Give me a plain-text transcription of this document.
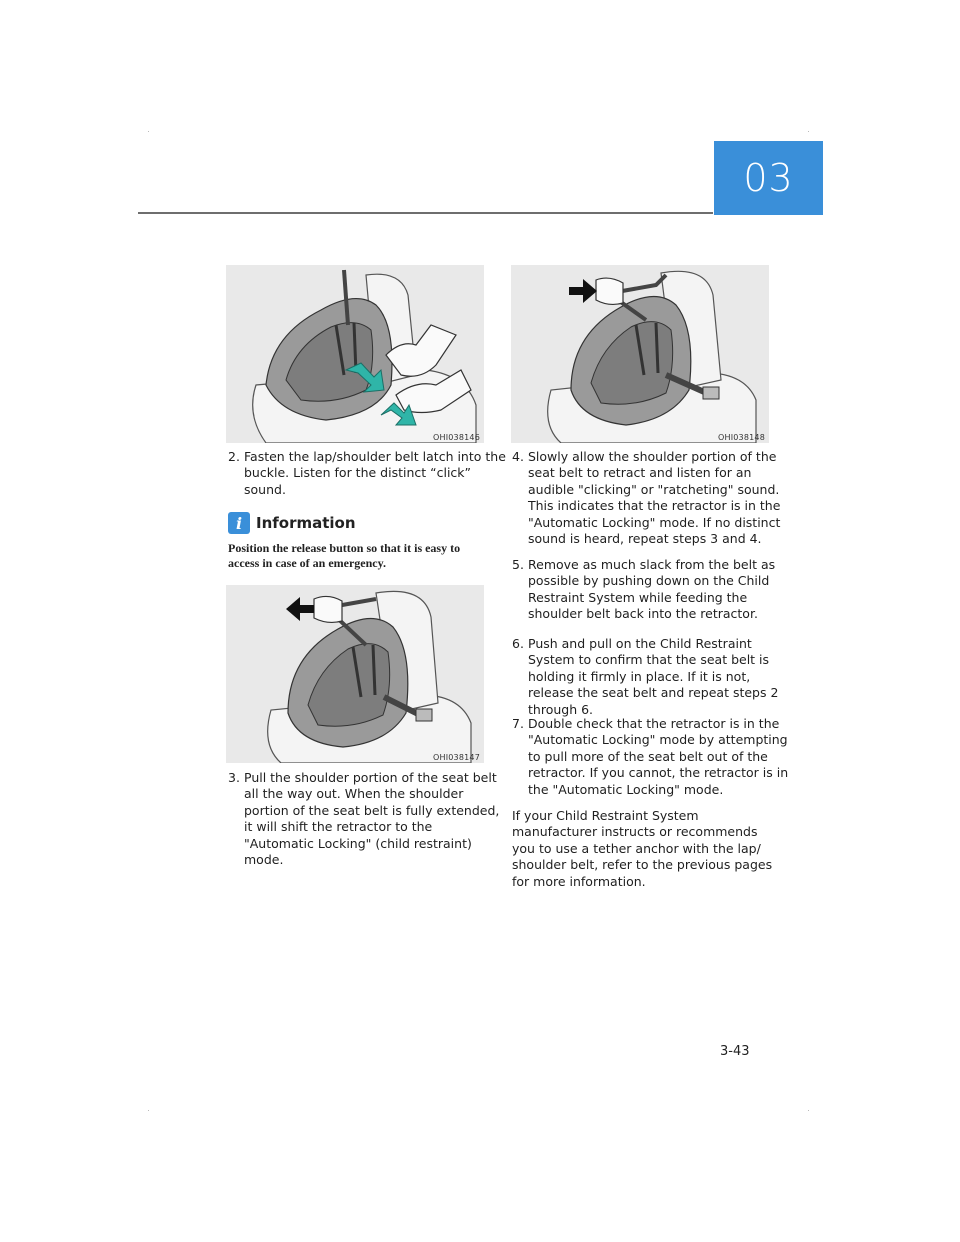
03
OHI038146	OHI038148
OHI038147
2. Fasten the lap/shoulder belt latch into the buckle. Listen for the distinct “click” sound.
i Information
Position the release button so that it is easy to access in case of an emergency.
3. Pull the shoulder portion of the seat belt all the way out. When the shoulder portion of the seat belt is fully extended, it will shift the retractor to the "Automatic Locking" (child restraint) mode.
4. Slowly allow the shoulder portion of the seat belt to retract and listen for an audible "clicking" or "ratcheting" sound. This indicates that the retractor is in the "Automatic Locking" mode. If no distinct sound is heard, repeat steps 3 and 4.
5. Remove as much slack from the belt as possible by pushing down on the Child Restraint System while feeding the shoulder belt back into the retractor.
6. Push and pull on the Child Restraint System to confirm that the seat belt is holding it firmly in place. If it is not, release the seat belt and repeat steps 2 through 6.
7. Double check that the retractor is in the "Automatic Locking" mode by attempting to pull more of the seat belt out of the retractor. If you cannot, the retractor is in the "Automatic Locking" mode.
If your Child Restraint System manufacturer instructs or recommends you to use a tether anchor with the lap/ shoulder belt, refer to the previous pages for more information.
3-43
